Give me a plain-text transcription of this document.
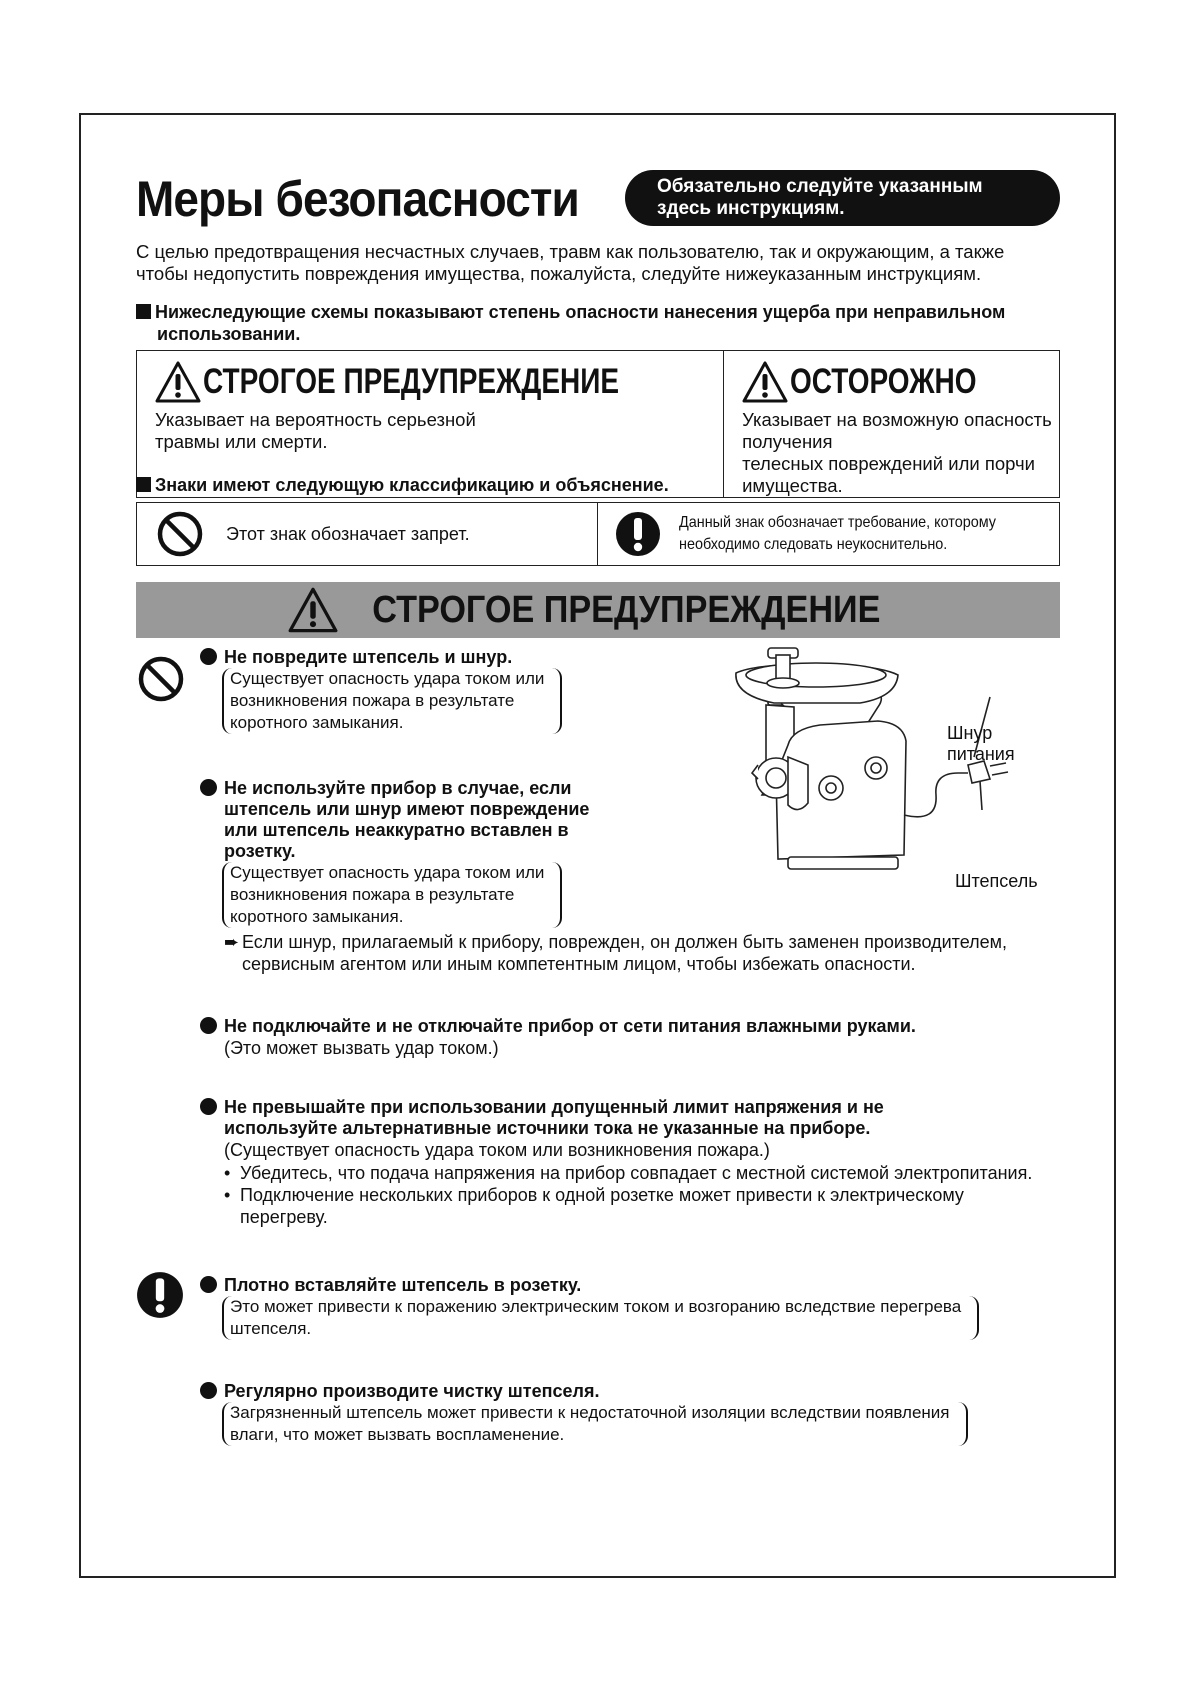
Меры безопасности	Обязательно следуйте указанным
здесь инструкциям.
С целью предотвращения несчастных случаев, травм как пользователю, так и окружающим, а также
чтобы недопустить повреждения имущества, пожалуйста, следуйте нижеуказанным инструкциям.
Нижеследующие схемы показывают степень опасности нанесения ущерба при неправильном
использовании.
СТРОГОЕ ПРЕДУПРЕЖДЕНИЕ
Указывает на вероятность серьезной
травмы или смерти.

ОСТОРОЖНО
Указывает на возможную опасность получения
телесных повреждений или порчи имущества.
Знаки имеют следующую классификацию и объяснение.
Этот знак обозначает запрет.

Данный знак обозначает требование, которому
необходимо следовать неукоснительно.
СТРОГОЕ ПРЕДУПРЕЖДЕНИЕ
Шнур
питания
Штепсель
Не повредите штепсель и шнур.
Существует опасность удара током или
возникновения пожара в результате
коротного замыкания.
Не используйте прибор в случае, если
штепсель или шнур имеют повреждение
или штепсель неаккуратно вставлен в
розетку.
Существует опасность удара током или
возникновения пожара в результате
коротного замыкания.
➨ Если шнур, прилагаемый к прибору, поврежден, он должен быть заменен производителем,
сервисным агентом или иным компетентным лицом, чтобы избежать опасности.
Не подключайте и не отключайте прибор от сети питания влажными руками.
(Это может вызвать удар током.)
Не превышайте при использовании допущенный лимит напряжения и не
используйте альтернативные источники тока не указанные на приборе.
(Существует опасность удара током или возникновения пожара.)
• Убедитесь, что подача напряжения на прибор совпадает с местной системой электропитания.
• Подключение нескольких приборов к одной розетке может привести к электрическому
перегреву.
Плотно вставляйте штепсель в розетку.
Это может привести к поражению электрическим током и возгоранию вследствие перегрева
штепселя.
Регулярно производите чистку штепселя.
Загрязненный штепсель может привести к недостаточной изоляции вследствии появления
влаги, что может вызвать воспламенение.
